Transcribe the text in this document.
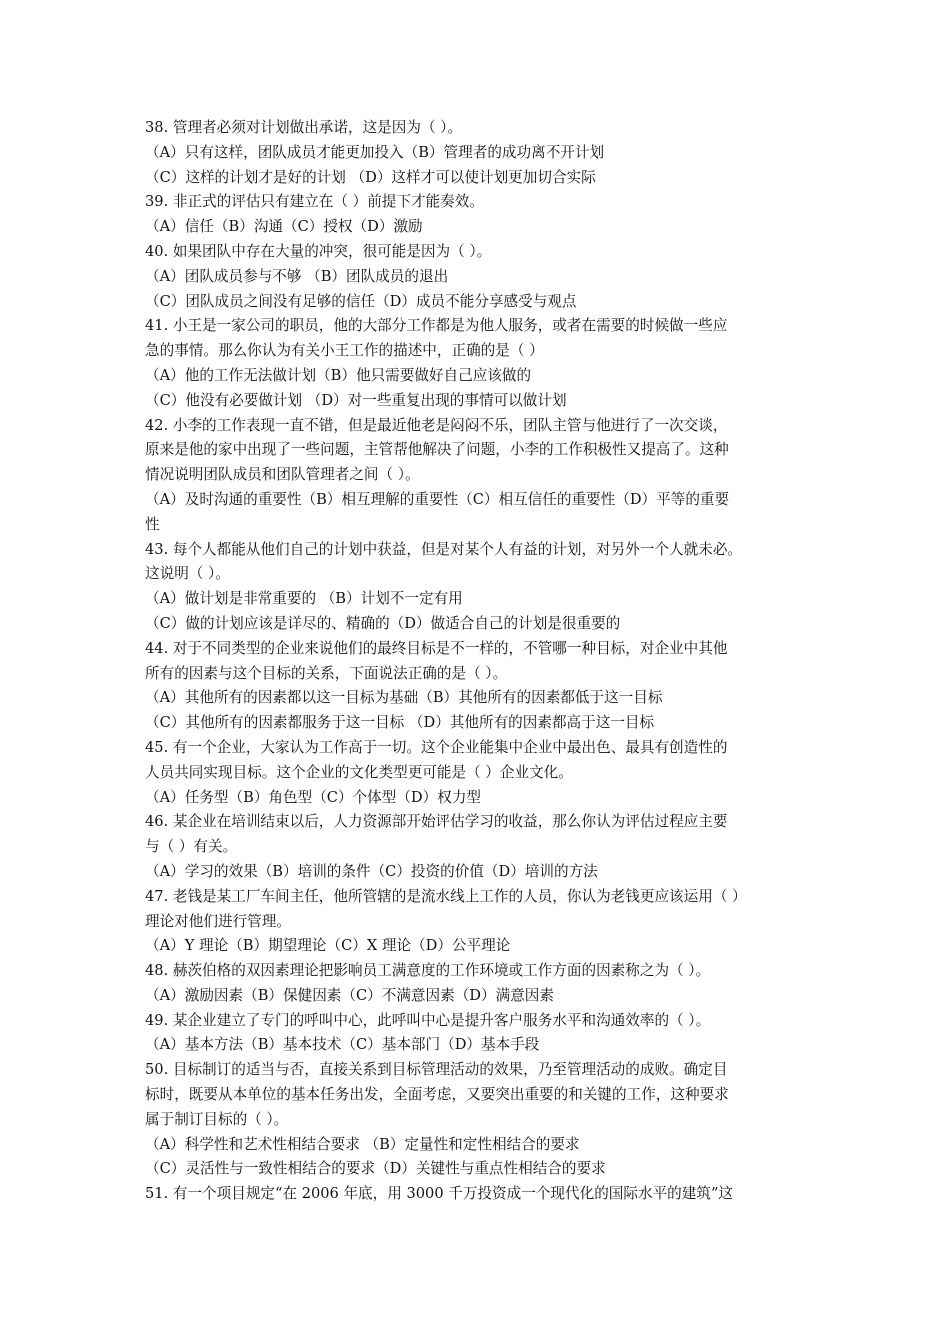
38. 管理者必须对计划做出承诺，这是因为（ ）。
（A）只有这样，团队成员才能更加投入（B）管理者的成功离不开计划
（C）这样的计划才是好的计划 （D）这样才可以使计划更加切合实际
39. 非正式的评估只有建立在（ ）前提下才能奏效。
（A）信任（B）沟通（C）授权（D）激励
40. 如果团队中存在大量的冲突，很可能是因为（ ）。
（A）团队成员参与不够 （B）团队成员的退出
（C）团队成员之间没有足够的信任（D）成员不能分享感受与观点
41. 小王是一家公司的职员，他的大部分工作都是为他人服务，或者在需要的时候做一些应
急的事情。那么你认为有关小王工作的描述中，正确的是（ ）
（A）他的工作无法做计划（B）他只需要做好自己应该做的
（C）他没有必要做计划 （D）对一些重复出现的事情可以做计划
42. 小李的工作表现一直不错，但是最近他老是闷闷不乐，团队主管与他进行了一次交谈，
原来是他的家中出现了一些问题，主管帮他解决了问题，小李的工作积极性又提高了。这种
情况说明团队成员和团队管理者之间（ ）。
（A）及时沟通的重要性（B）相互理解的重要性（C）相互信任的重要性（D）平等的重要
性
43. 每个人都能从他们自己的计划中获益，但是对某个人有益的计划，对另外一个人就未必。
这说明（ ）。
（A）做计划是非常重要的 （B）计划不一定有用
（C）做的计划应该是详尽的、精确的（D）做适合自己的计划是很重要的
44. 对于不同类型的企业来说他们的最终目标是不一样的，不管哪一种目标，对企业中其他
所有的因素与这个目标的关系，下面说法正确的是（ ）。
（A）其他所有的因素都以这一目标为基础（B）其他所有的因素都低于这一目标
（C）其他所有的因素都服务于这一目标 （D）其他所有的因素都高于这一目标
45. 有一个企业，大家认为工作高于一切。这个企业能集中企业中最出色、最具有创造性的
人员共同实现目标。这个企业的文化类型更可能是（ ）企业文化。
（A）任务型（B）角色型（C）个体型（D）权力型
46. 某企业在培训结束以后，人力资源部开始评估学习的收益，那么你认为评估过程应主要
与（ ）有关。
（A）学习的效果（B）培训的条件（C）投资的价值（D）培训的方法
47. 老钱是某工厂车间主任，他所管辖的是流水线上工作的人员，你认为老钱更应该运用（ ）
理论对他们进行管理。
（A）Y 理论（B）期望理论（C）X 理论（D）公平理论
48. 赫茨伯格的双因素理论把影响员工满意度的工作环境或工作方面的因素称之为（ ）。
（A）激励因素（B）保健因素（C）不满意因素（D）满意因素
49. 某企业建立了专门的呼叫中心，此呼叫中心是提升客户服务水平和沟通效率的（ ）。
（A）基本方法（B）基本技术（C）基本部门（D）基本手段
50. 目标制订的适当与否，直接关系到目标管理活动的效果，乃至管理活动的成败。确定目
标时，既要从本单位的基本任务出发，全面考虑，又要突出重要的和关键的工作，这种要求
属于制订目标的（ ）。
（A）科学性和艺术性相结合要求 （B）定量性和定性相结合的要求
（C）灵活性与一致性相结合的要求（D）关键性与重点性相结合的要求
51. 有一个项目规定“在 2006 年底，用 3000 千万投资成一个现代化的国际水平的建筑”这
